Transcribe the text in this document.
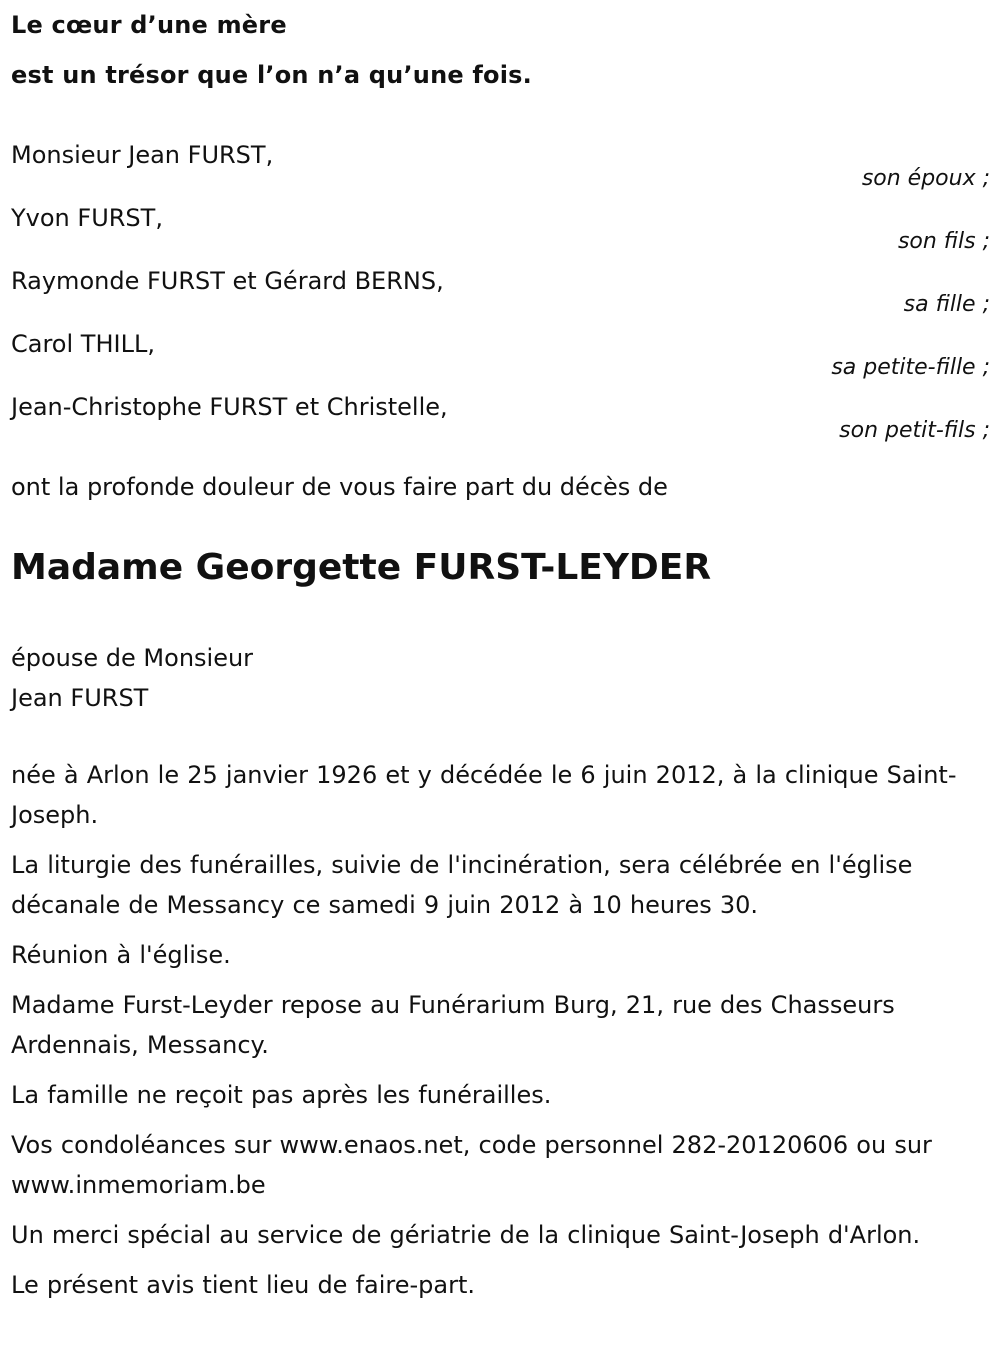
Le cœur d’une mère
est un trésor que l’on n’a qu’une fois.
Monsieur Jean FURST,
son époux ;
Yvon FURST,
son fils ;
Raymonde FURST et Gérard BERNS,
sa fille ;
Carol THILL,
sa petite-fille ;
Jean-Christophe FURST et Christelle,
son petit-fils ;
ont la profonde douleur de vous faire part du décès de
Madame Georgette FURST-LEYDER
épouse de Monsieur
Jean FURST

née à Arlon le 25 janvier 1926 et y décédée le 6 juin 2012, à la clinique Saint-Joseph.

La liturgie des funérailles, suivie de l'incinération, sera célébrée en l'église décanale de Messancy ce samedi 9 juin 2012 à 10 heures 30.

Réunion à l'église.

Madame Furst-Leyder repose au Funérarium Burg, 21, rue des Chasseurs Ardennais, Messancy.

La famille ne reçoit pas après les funérailles.

Vos condoléances sur www.enaos.net, code personnel 282-20120606 ou sur www.inmemoriam.be

Un merci spécial au service de gériatrie de la clinique Saint-Joseph d'Arlon.

Le présent avis tient lieu de faire-part.
